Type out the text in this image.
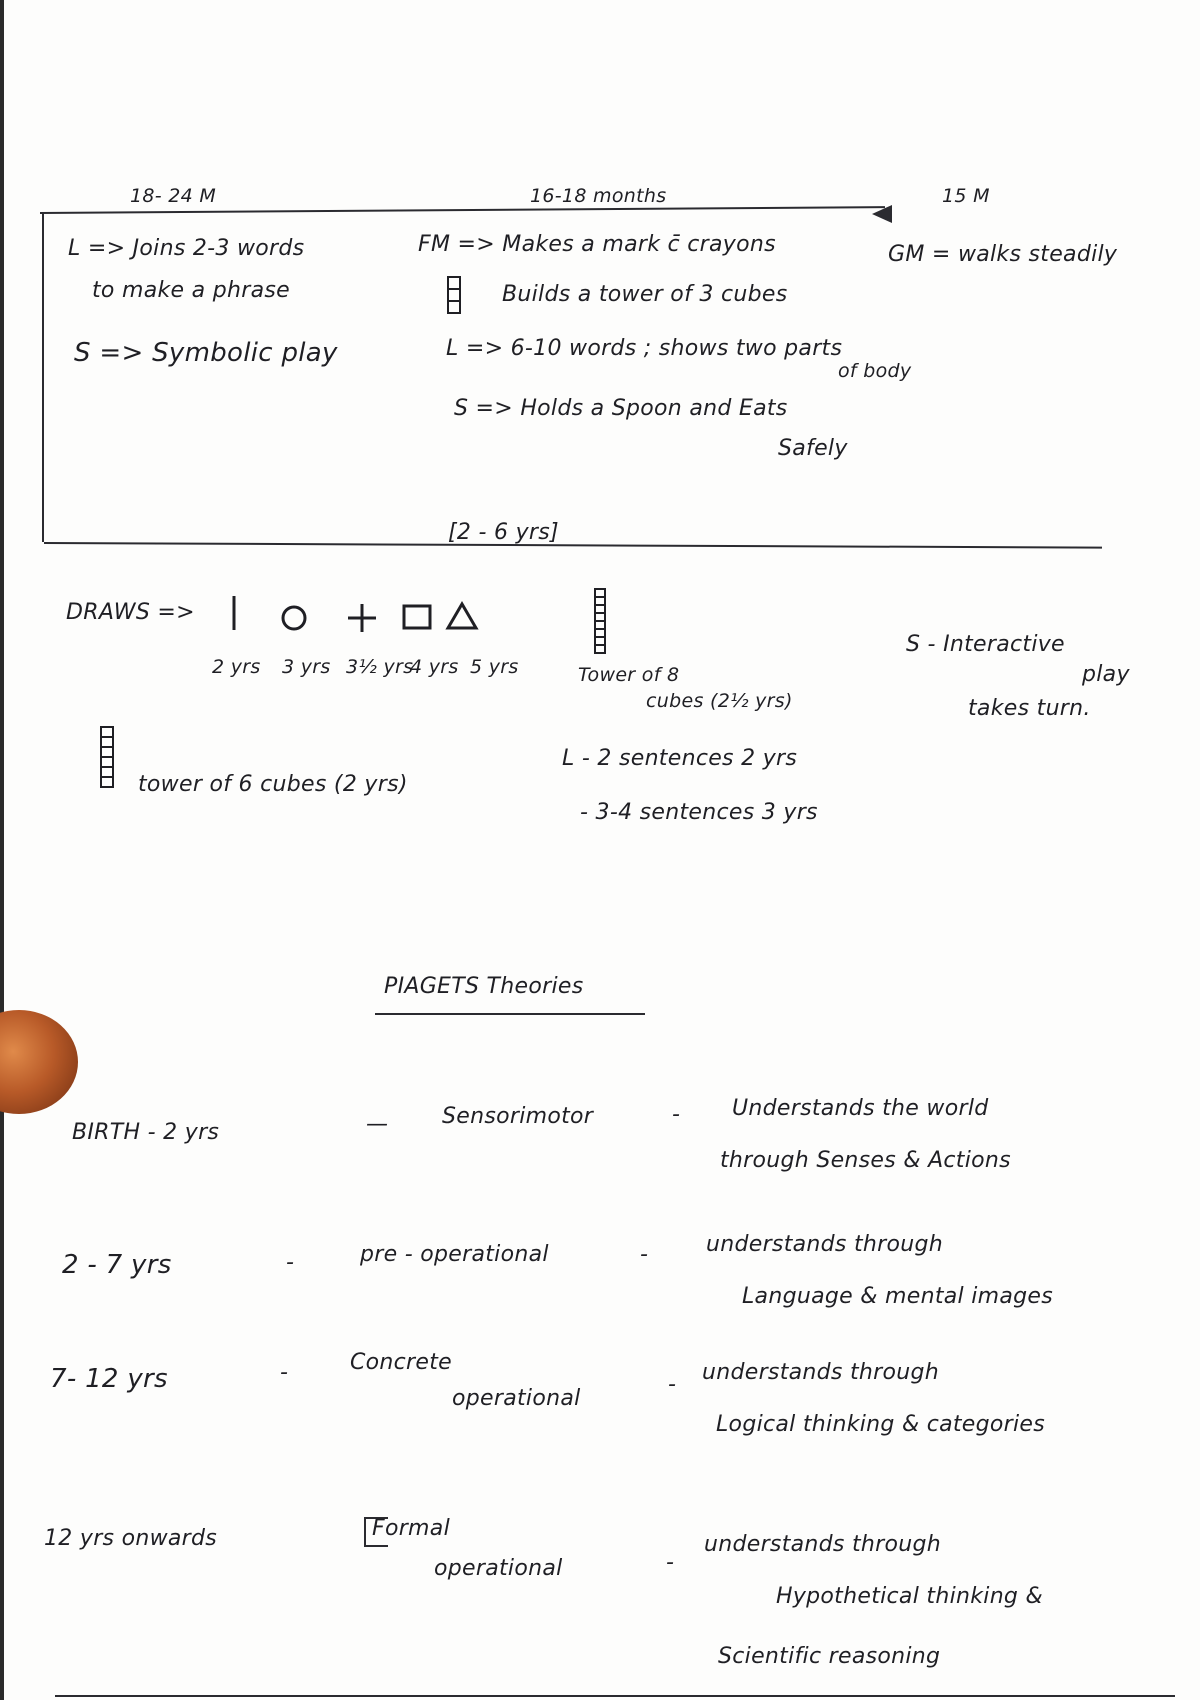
18- 24 M	16-18 months	15 M
L => Joins 2-3 words
to make a phrase
S => Symbolic play
FM => Makes a mark c̄ crayons
Builds a tower of 3 cubes
L => 6-10 words ; shows two parts
of body
S => Holds a Spoon and Eats
Safely
GM = walks steadily
[2 - 6 yrs]
DRAWS =>
2 yrs 3 yrs 3½ yrs
4 yrs 5 yrs	Tower of 8
cubes (2½ yrs)
tower of 6 cubes (2 yrs)
L - 2 sentences 2 yrs
- 3-4 sentences 3 yrs
S - Interactive
play
takes turn.
PIAGETS Theories
BIRTH - 2 yrs	— Sensorimotor	- Understands the world
through Senses & Actions
2 - 7 yrs	-	pre - operational	-	understands through
Language & mental images
7- 12 yrs	-	Concrete
operational
- understands through
Logical thinking & categories
12 yrs onwards	Formal
operational	-
understands through
Hypothetical thinking &
Scientific reasoning
